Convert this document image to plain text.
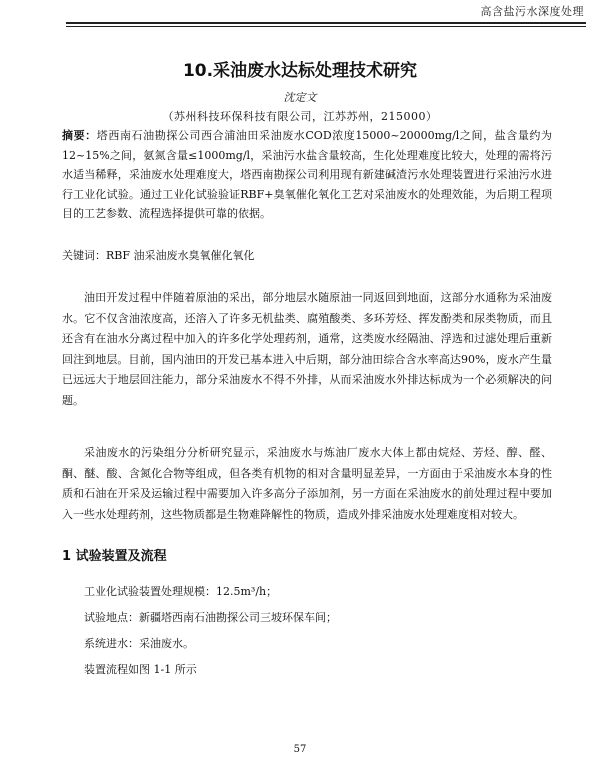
高含盐污水深度处理
10.采油废水达标处理技术研究
沈定文
（苏州科技环保科技有限公司，江苏苏州，215000）
摘要：塔西南石油勘探公司西合浦油田采油废水COD浓度15000~20000mg/l之间，盐含量约为12~15%之间，氨氮含量≤1000mg/l，采油污水盐含量较高，生化处理难度比较大，处理的需将污水适当稀释，采油废水处理难度大，塔西南勘探公司利用现有新建碱渣污水处理装置进行采油污水进行工业化试验。通过工业化试验验证RBF+臭氧催化氧化工艺对采油废水的处理效能，为后期工程项目的工艺参数、流程选择提供可靠的依据。
关键词：RBF 油采油废水臭氧催化氧化

油田开发过程中伴随着原油的采出，部分地层水随原油一同返回到地面，这部分水通称为采油废水。它不仅含油浓度高，还溶入了许多无机盐类、腐殖酸类、多环芳烃、挥发酚类和尿类物质，而且还含有在油水分离过程中加入的许多化学处理药剂，通常，这类废水经隔油、浮选和过滤处理后重新回注到地层。目前，国内油田的开发已基本进入中后期，部分油田综合含水率高达90%，废水产生量已远远大于地层回注能力，部分采油废水不得不外排，从而采油废水外排达标成为一个必须解决的问题。

采油废水的污染组分分析研究显示，采油废水与炼油厂废水大体上都由烷烃、芳烃、醇、醛、酮、醚、酸、含氮化合物等组成，但各类有机物的相对含量明显差异，一方面由于采油废水本身的性质和石油在开采及运输过程中需要加入许多高分子添加剂，另一方面在采油废水的前处理过程中要加入一些水处理药剂，这些物质都是生物难降解性的物质，造成外排采油废水处理难度相对较大。

1 试验装置及流程
工业化试验装置处理规模：12.5m³/h；
试验地点：新疆塔西南石油勘探公司三坡环保车间；
系统进水：采油废水。
装置流程如图 1-1 所示
57
